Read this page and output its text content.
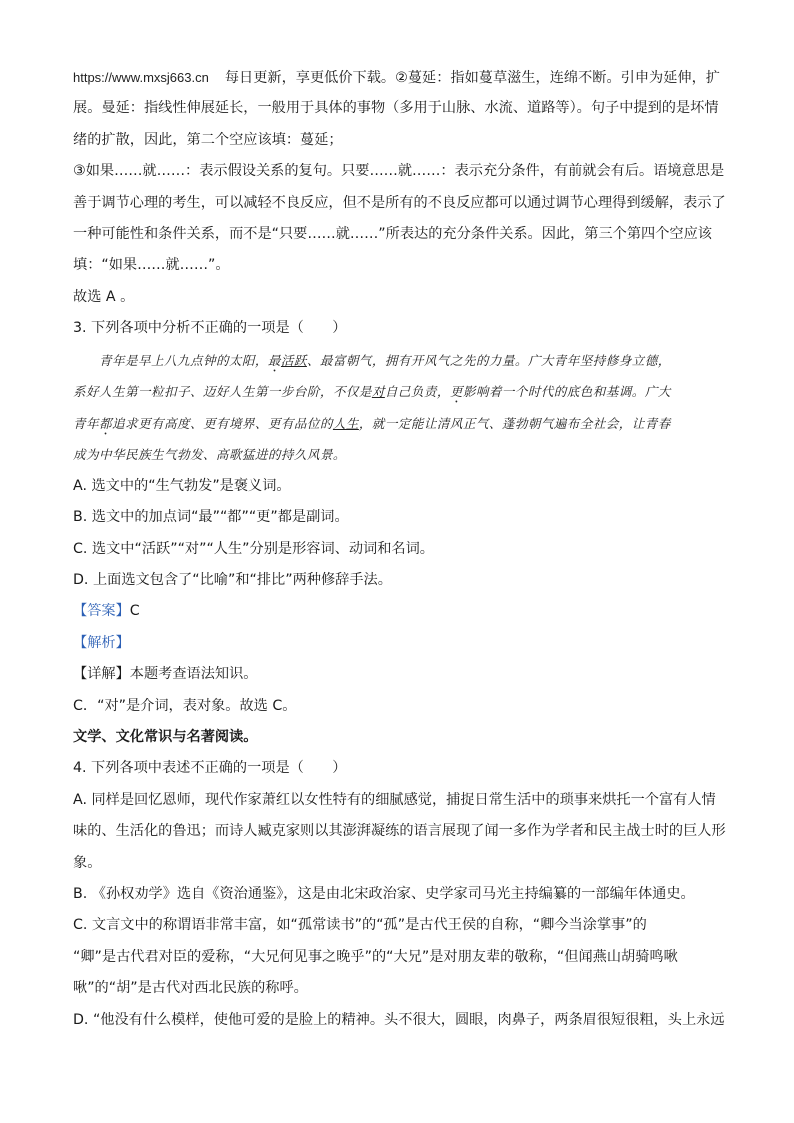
https://www.mxsj663.cn 每日更新，享更低价下载。②蔓延：指如蔓草滋生，连绵不断。引申为延伸，扩

展。曼延：指线性伸展延长，一般用于具体的事物（多用于山脉、水流、道路等）。句子中提到的是坏情

绪的扩散，因此，第二个空应该填：蔓延；

③如果……就……：表示假设关系的复句。只要……就……：表示充分条件，有前就会有后。语境意思是

善于调节心理的考生，可以减轻不良反应，但不是所有的不良反应都可以通过调节心理得到缓解，表示了

一种可能性和条件关系，而不是“只要……就……”所表达的充分条件关系。因此，第三个第四个空应该

填：“如果……就……”。

故选 A 。

3. 下列各项中分析不正确的一项是（　　）

青年是早上八九点钟的太阳，最活跃、最富朝气，拥有开风气之先的力量。广大青年坚持修身立德，

系好人生第一粒扣子、迈好人生第一步台阶，不仅是对自己负责，更影响着一个时代的底色和基调。广大

青年都追求更有高度、更有境界、更有品位的人生，就一定能让清风正气、蓬勃朝气遍布全社会，让青春

成为中华民族生气勃发、高歌猛进的持久风景。

A. 选文中的“生气勃发”是褒义词。

B. 选文中的加点词“最”“都”“更”都是副词。

C. 选文中“活跃”“对”“人生”分别是形容词、动词和名词。

D. 上面选文包含了“比喻”和“排比”两种修辞手法。

【答案】C

【解析】

【详解】本题考查语法知识。

C．“对”是介词，表对象。故选 C。

文学、文化常识与名著阅读。

4. 下列各项中表述不正确的一项是（　　）

A. 同样是回忆恩师，现代作家萧红以女性特有的细腻感觉，捕捉日常生活中的琐事来烘托一个富有人情

味的、生活化的鲁迅；而诗人臧克家则以其澎湃凝练的语言展现了闻一多作为学者和民主战士时的巨人形

象。

B. 《孙权劝学》选自《资治通鉴》，这是由北宋政治家、史学家司马光主持编纂的一部编年体通史。

C. 文言文中的称谓语非常丰富，如“孤常读书”的“孤”是古代王侯的自称，“卿今当涂掌事”的

“卿”是古代君对臣的爱称，“大兄何见事之晚乎”的“大兄”是对朋友辈的敬称，“但闻燕山胡骑鸣啾

啾”的“胡”是古代对西北民族的称呼。

D. “他没有什么模样，使他可爱的是脸上的精神。头不很大，圆眼，肉鼻子，两条眉很短很粗，头上永远
